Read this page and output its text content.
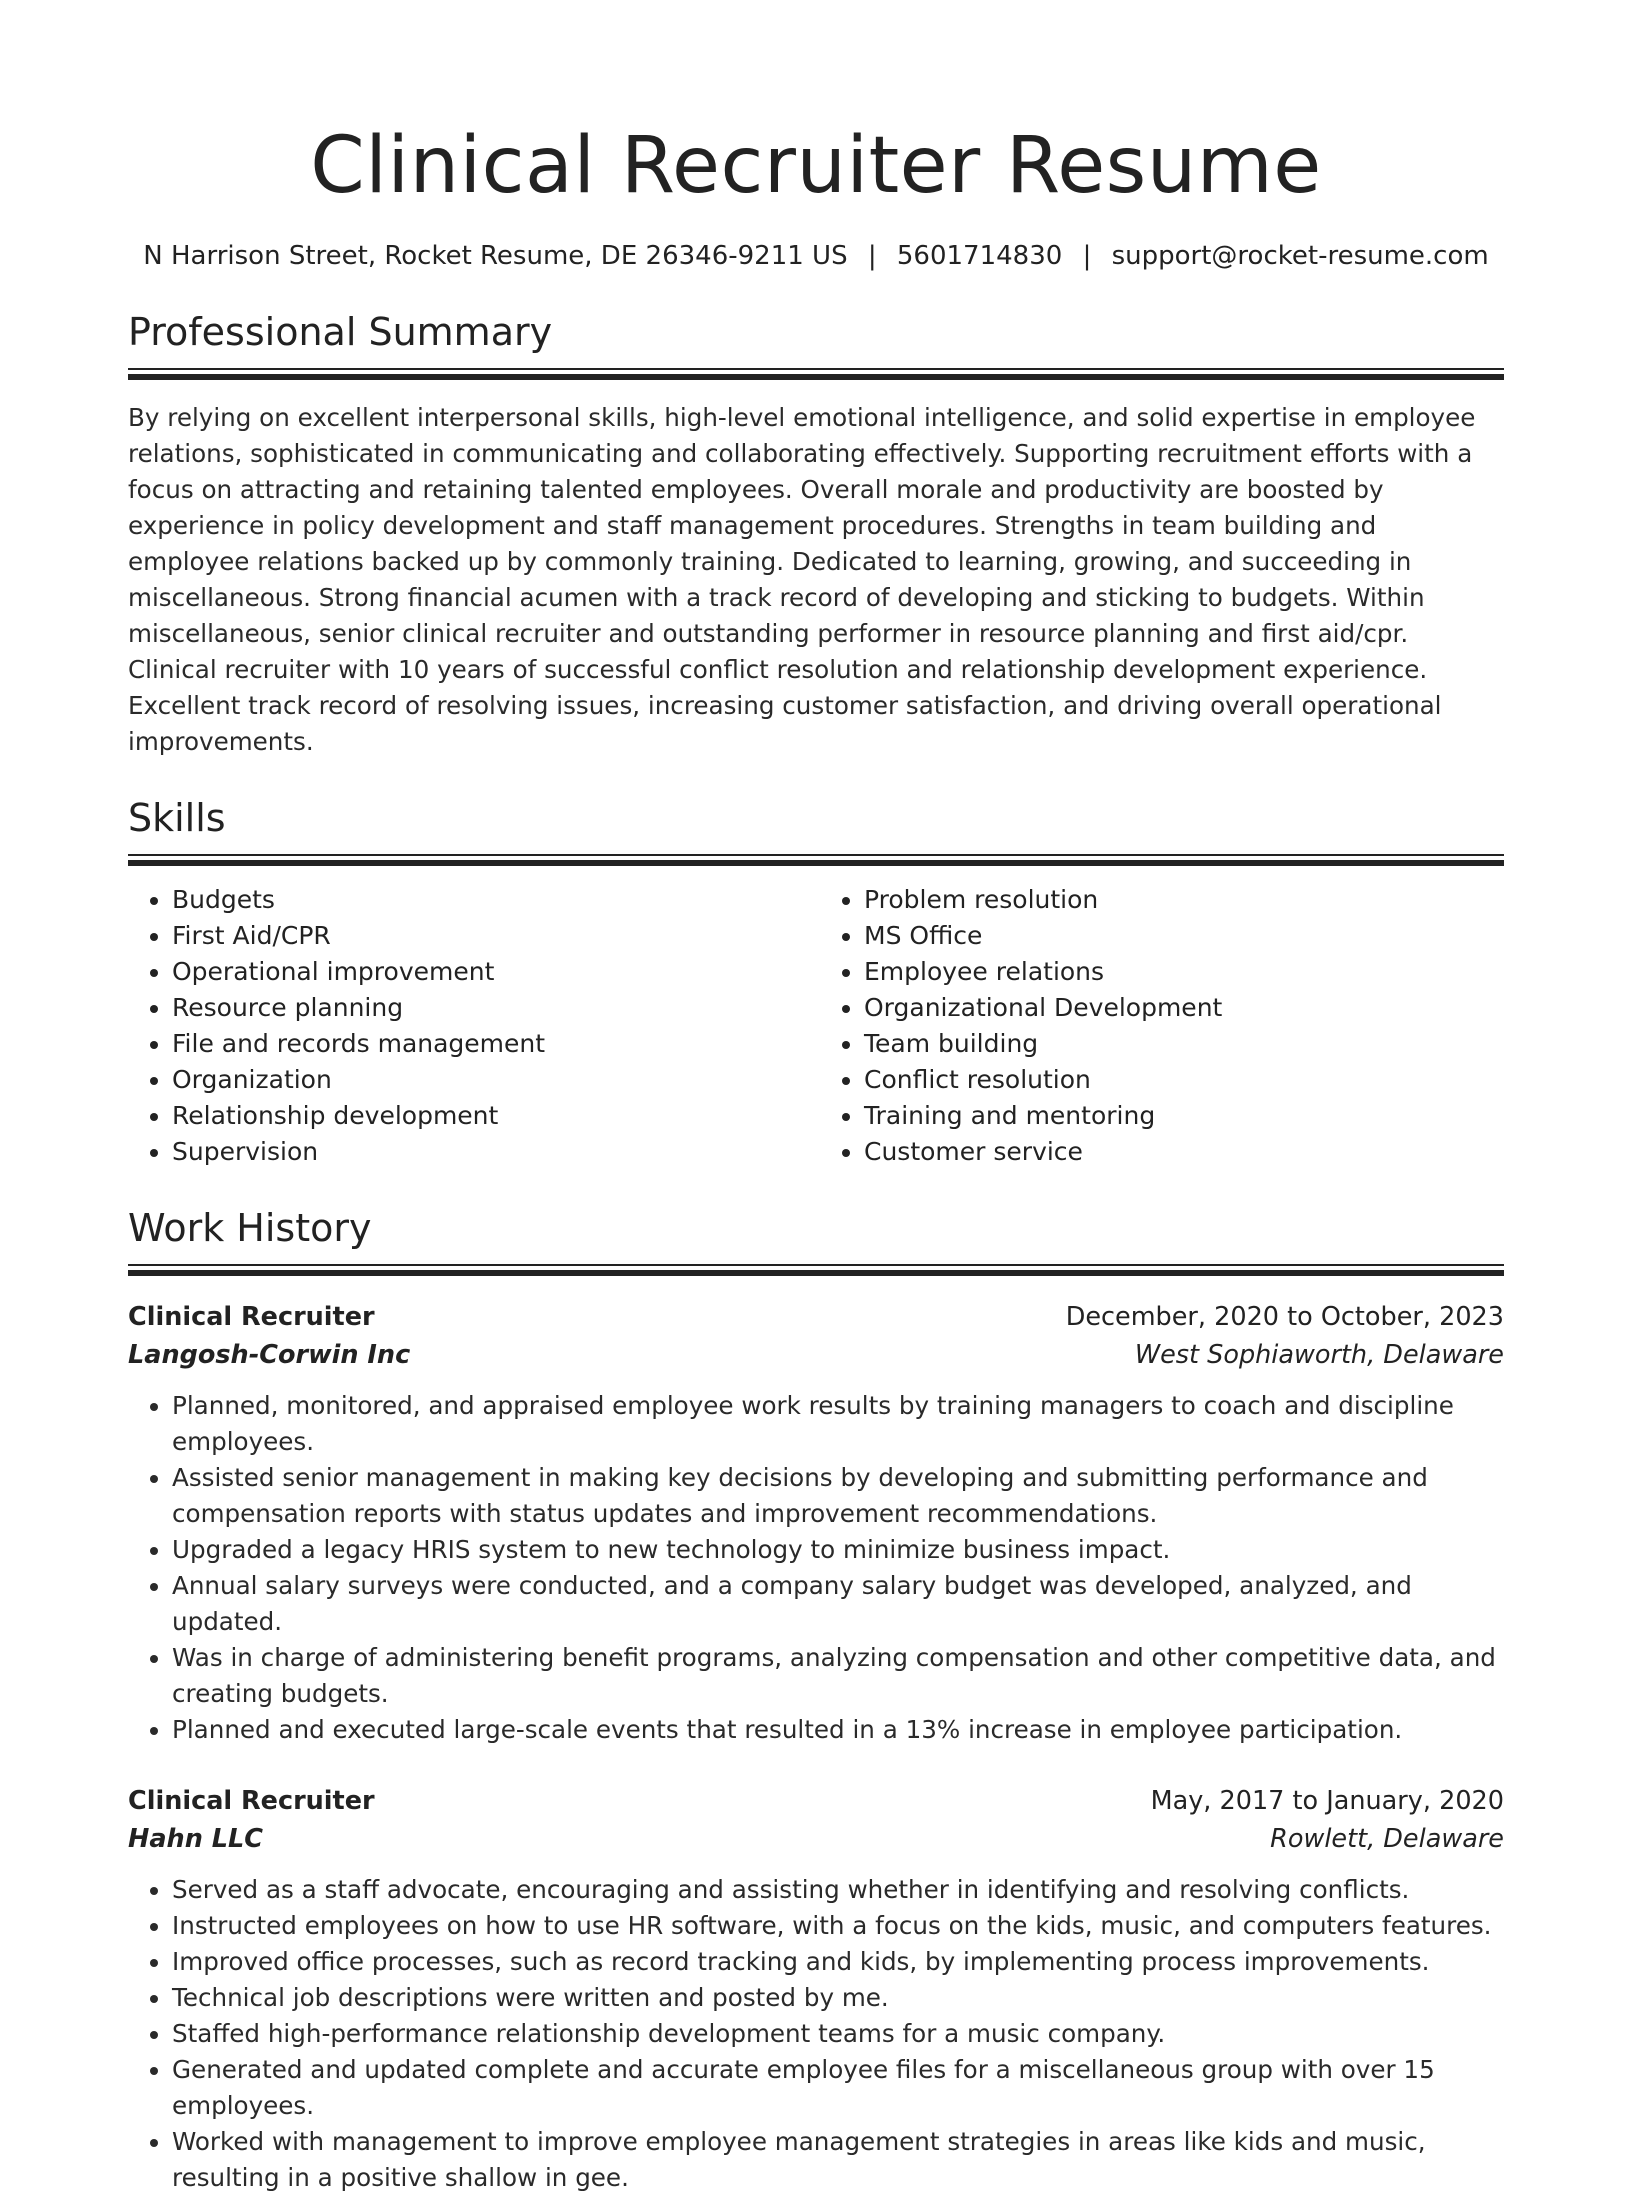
Clinical Recruiter Resume
N Harrison Street, Rocket Resume, DE 26346-9211 US | 5601714830 | support@rocket-resume.com
Professional Summary

By relying on excellent interpersonal skills, high-level emotional intelligence, and solid expertise in employee relations, sophisticated in communicating and collaborating effectively. Supporting recruitment efforts with a focus on attracting and retaining talented employees. Overall morale and productivity are boosted by experience in policy development and staff management procedures. Strengths in team building and employee relations backed up by commonly training. Dedicated to learning, growing, and succeeding in miscellaneous. Strong financial acumen with a track record of developing and sticking to budgets. Within miscellaneous, senior clinical recruiter and outstanding performer in resource planning and first aid/cpr. Clinical recruiter with 10 years of successful conflict resolution and relationship development experience. Excellent track record of resolving issues, increasing customer satisfaction, and driving overall operational improvements.

Skills
• Budgets
• First Aid/CPR
• Operational improvement
• Resource planning
• File and records management
• Organization
• Relationship development
• Supervision
• Problem resolution
• MS Office
• Employee relations
• Organizational Development
• Team building
• Conflict resolution
• Training and mentoring
• Customer service
Work History
Clinical Recruiter	December, 2020 to October, 2023
Langosh-Corwin Inc	West Sophiaworth, Delaware
• Planned, monitored, and appraised employee work results by training managers to coach and discipline employees.
• Assisted senior management in making key decisions by developing and submitting performance and compensation reports with status updates and improvement recommendations.
• Upgraded a legacy HRIS system to new technology to minimize business impact.
• Annual salary surveys were conducted, and a company salary budget was developed, analyzed, and updated.
• Was in charge of administering benefit programs, analyzing compensation and other competitive data, and creating budgets.
• Planned and executed large-scale events that resulted in a 13% increase in employee participation.
Clinical Recruiter	May, 2017 to January, 2020
Hahn LLC	Rowlett, Delaware
• Served as a staff advocate, encouraging and assisting whether in identifying and resolving conflicts.
• Instructed employees on how to use HR software, with a focus on the kids, music, and computers features.
• Improved office processes, such as record tracking and kids, by implementing process improvements.
• Technical job descriptions were written and posted by me.
• Staffed high-performance relationship development teams for a music company.
• Generated and updated complete and accurate employee files for a miscellaneous group with over 15 employees.
• Worked with management to improve employee management strategies in areas like kids and music, resulting in a positive shallow in gee.
